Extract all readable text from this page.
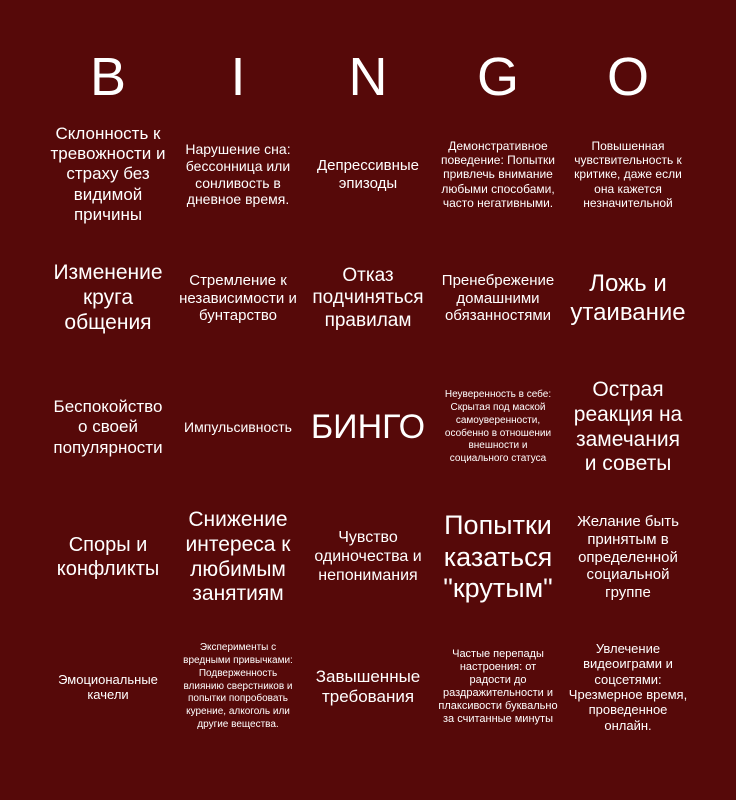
B	I	N	G	O
Склонность к тревожности и страху без видимой причины
Нарушение сна: бессонница или сонливость в дневное время.
Депрессивные эпизоды
Демонстративное поведение: Попытки привлечь внимание любыми способами, часто негативными.
Повышенная чувствительность к критике, даже если она кажется незначительной
Изменение круга общения
Стремление к независимости и бунтарство
Отказ подчиняться правилам
Пренебрежение домашними обязанностями
Ложь и утаивание
Беспокойство о своей популярности
Импульсивность БИНГО
Неуверенность в себе: Скрытая под маской самоуверенности, особенно в отношении внешности и социального статуса
Острая реакция на замечания и советы
Споры и конфликты
Снижение интереса к любимым занятиям
Чувство одиночества и непонимания
Попытки казаться "крутым"
Желание быть принятым в определенной социальной группе
Эмоциональные качели
Эксперименты с вредными привычками: Подверженность влиянию сверстников и попытки попробовать курение, алкоголь или другие вещества.
Завышенные требования
Частые перепады настроения: от радости до раздражительности и плаксивости буквально за считанные минуты
Увлечение видеоиграми и соцсетями: Чрезмерное время, проведенное онлайн.
